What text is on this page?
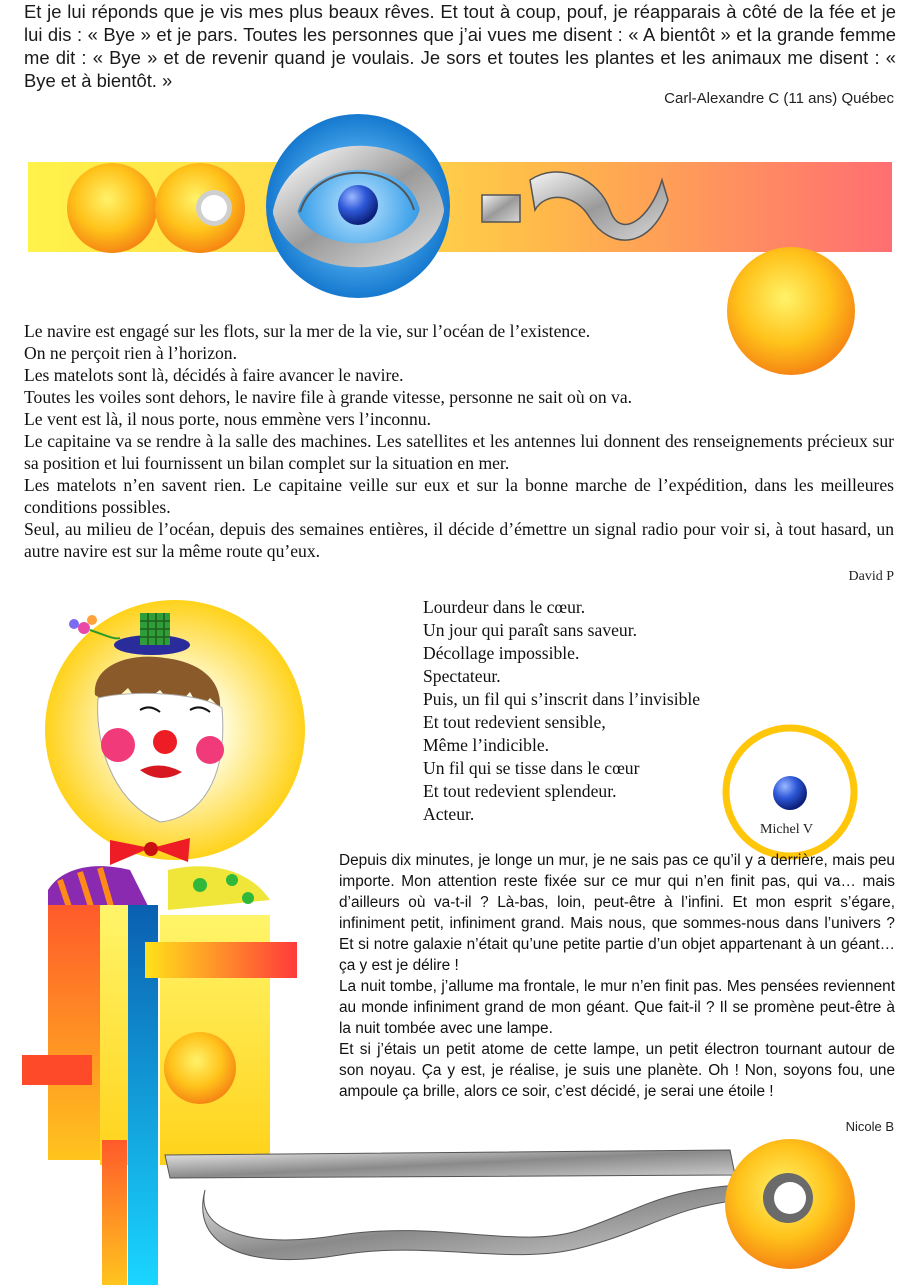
Et je lui réponds que je vis mes plus beaux rêves. Et tout à coup, pouf, je réapparais à côté de la fée et je lui dis : « Bye » et je pars. Toutes les personnes que j’ai vues me disent : « A bientôt » et la grande femme me dit : « Bye » et de revenir quand je voulais. Je sors et toutes les plantes et les animaux me disent : « Bye et à bientôt. »

Carl-Alexandre C (11 ans) Québec

Le navire est engagé sur les flots, sur la mer de la vie, sur l’océan de l’existence.

On ne perçoit rien à l’horizon.

Les matelots sont là, décidés à faire avancer le navire.

Toutes les voiles sont dehors, le navire file à grande vitesse, personne ne sait où on va.

Le vent est là, il nous porte, nous emmène vers l’inconnu.

Le capitaine va se rendre à la salle des machines. Les satellites et les antennes lui donnent des renseignements précieux sur sa position et lui fournissent un bilan complet sur la situation en mer.

Les matelots n’en savent rien. Le capitaine veille sur eux et sur la bonne marche de l’expédition, dans les meilleures conditions possibles.

Seul, au milieu de l’océan, depuis des semaines entières, il décide d’émettre un signal radio pour voir si, à tout hasard, un autre navire est sur la même route qu’eux.

David P
Lourdeur dans le cœur.
Un jour qui paraît sans saveur.
Décollage impossible.
Spectateur.
Puis, un fil qui s’inscrit dans l’invisible
Et tout redevient sensible,
Même l’indicible.
Un fil qui se tisse dans le cœur
Et tout redevient splendeur.
Acteur.
Michel V

Depuis dix minutes, je longe un mur, je ne sais pas ce qu’il y a derrière, mais peu importe. Mon attention reste fixée sur ce mur qui n’en finit pas, qui va… mais d’ailleurs où va-t-il ? Là-bas, loin, peut-être à l’infini. Et mon esprit s’égare, infiniment petit, infiniment grand. Mais nous, que sommes-nous dans l’univers ? Et si notre galaxie n’était qu’une petite partie d’un objet appartenant à un géant… ça y est je délire !

La nuit tombe, j’allume ma frontale, le mur n’en finit pas. Mes pensées reviennent au monde infiniment grand de mon géant. Que fait-il ? Il se promène peut-être à la nuit tombée avec une lampe.

Et si j’étais un petit atome de cette lampe, un petit électron tournant autour de son noyau. Ça y est, je réalise, je suis une planète. Oh ! Non, soyons fou, une ampoule ça brille, alors ce soir, c’est décidé, je serai une étoile !

Nicole B
